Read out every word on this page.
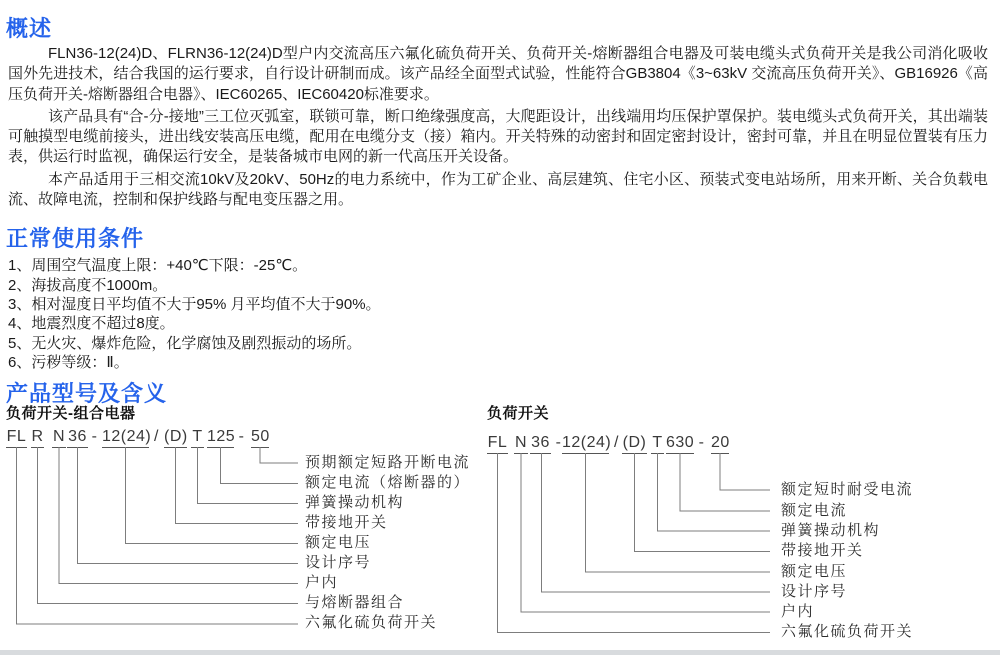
概述

FLN36-12(24)D、FLRN36-12(24)D型户内交流高压六氟化硫负荷开关、负荷开关-熔断器组合电器及可装电缆头式负荷开关是我公司消化吸收国外先进技术，结合我国的运行要求，自行设计研制而成。该产品经全面型式试验，性能符合GB3804《3~63kV 交流高压负荷开关》、GB16926《高压负荷开关-熔断器组合电器》、IEC60265、IEC60420标准要求。

该产品具有“合-分-接地”三工位灭弧室，联锁可靠，断口绝缘强度高，大爬距设计，出线端用均压保护罩保护。装电缆头式负荷开关，其出端装可触摸型电缆前接头，进出线安装高压电缆，配用在电缆分支（接）箱内。开关特殊的动密封和固定密封设计，密封可靠，并且在明显位置装有压力表，供运行时监视，确保运行安全，是装备城市电网的新一代高压开关设备。

本产品适用于三相交流10kV及20kV、50Hz的电力系统中，作为工矿企业、高层建筑、住宅小区、预装式变电站场所，用来开断、关合负载电流、故障电流，控制和保护线路与配电变压器之用。

正常使用条件
1、周围空气温度上限：+40℃下限：-25℃。
2、海拔高度不1000m。
3、相对湿度日平均值不大于95% 月平均值不大于90%。
4、地震烈度不超过8度。
5、无火灾、爆炸危险，化学腐蚀及剧烈振动的场所。
6、污秽等级：Ⅱ。
产品型号及含义
负荷开关-组合电器	负荷开关
FL R N 36 - 12(24) / (D) T 125 - 50	FL N 36 - 12(24) / (D) T 630 - 20
预期额定短路开断电流
额定电流（熔断器的）
弹簧操动机构
带接地开关
额定电压
设计序号
户内
与熔断器组合
六氟化硫负荷开关
额定短时耐受电流
额定电流
弹簧操动机构
带接地开关
额定电压
设计序号
户内
六氟化硫负荷开关
